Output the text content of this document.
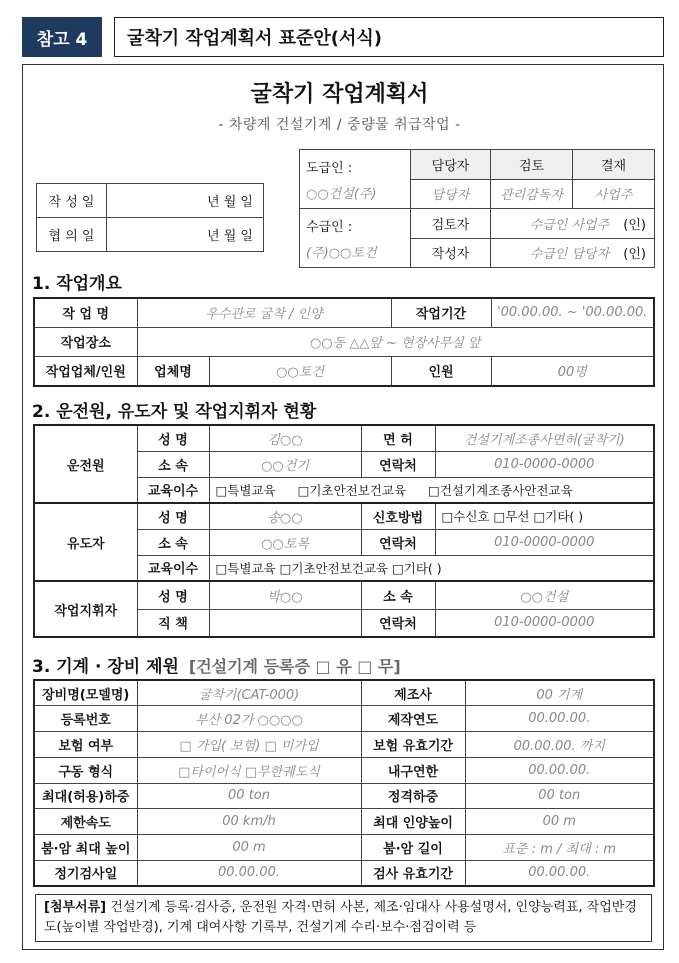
참고 4	굴착기 작업계획서 표준안(서식)
굴착기 작업계획서
- 차량계 건설기계 / 중량물 취급작업 -
작 성 일	년 월 일
협 의 일	년 월 일
도급인 :
○○건설(주)	담당자	검토	결재
	담당자	관리감독자	사업주

수급인 :
(주)○○토건	검토자	수급인 사업주 (인)	
	작성자	수급인 담당자 (인)	
1. 작업개요
작 업 명	우수관로 굴착 / 인양		작업기간	'00.00.00. ~ '00.00.00.
작업장소	○○동 △△앞 ~ 현장사무실 앞			
작업업체/인원	업체명	○○토건	인원	00명
2. 운전원, 유도자 및 작업지휘자 현황
운전원	성 명	김○○	면 허	건설기계조종사면허(굴착기)
	소 속	○○건기	연락처	010-0000-0000
	교육이수	□특별교육 □기초안전보건교육 □건설기계조종사안전교육		
유도자	성 명	송○○	신호방법	□수신호 □무선 □기타( )
	소 속	○○토목	연락처	010-0000-0000
	교육이수	□특별교육 □기초안전보건교육 □기타( )		
작업지휘자	성 명	박○○	소 속	○○건설
	직 책		연락처	010-0000-0000
3. 기계 · 장비 제원 [건설기계 등록증 □ 유 □ 무]
장비명(모델명)	굴착기(CAT-000)	제조사	00 기계
등록번호	부산 02가 ○○○○	제작연도	00.00.00.
보험 여부	□ 가입( 보험) □ 미가입	보험 유효기간	00.00.00. 까지
구동 형식	□타이어식 □무한궤도식	내구연한	00.00.00.
최대(허용)하중	00 ton	정격하중	00 ton
제한속도	00 km/h	최대 인양높이	00 m
붐·암 최대 높이	00 m	붐·암 길이	표준 : m / 최대 : m
정기검사일	00.00.00.	검사 유효기간	00.00.00.
[첨부서류] 건설기계 등록·검사증, 운전원 자격·면허 사본, 제조·임대사 사용설명서, 인양능력표, 작업반경도(높이별 작업반경), 기계 대여사항 기록부, 건설기계 수리·보수·점검이력 등
